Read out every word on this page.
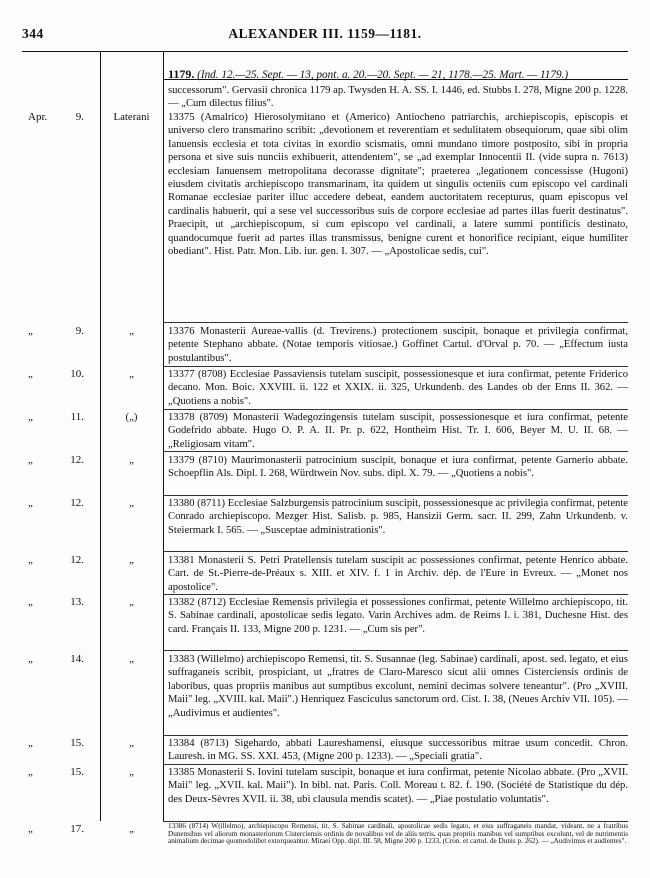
344	ALEXANDER III. 1159—1181.
1179. (Ind. 12.—25. Sept. — 13, pont. a. 20.—20. Sept. — 21, 1178.—25. Mart. — 1179.)
successorum". Gervasii chronica 1179 ap. Twysden H. A. SS. I. 1446, ed. Stubbs I. 278, Migne 200 p. 1228. — „Cum dilectus filius".
Apr.	9.	Laterani	13375 (Amalrico) Hierosolymitano et (Americo) Antiocheno patriarchis, archiepiscopis, episcopis et universo clero transmarino scribit: „devotionem et reverentiam et sedulitatem obsequiorum, quae sibi olim Ianuensis ecclesia et tota civitas in exordio scismatis, omni mundano timore postposito, sibi in propria persona et sive suis nunciis exhibuerit, attendentem", se „ad exemplar Innocentii II. (vide supra n. 7613) ecclesiam Ianuensem metropolitana decorasse dignitate"; praeterea „legationem concessisse (Hugoni) eiusdem civitatis archiepiscopo transmarinam, ita quidem ut singulis octeniis cum episcopo vel cardinali Romanae ecclesiae pariter illuc accedere debeat, eandem auctoritatem recepturus, quam episcopus vel cardinalis habuerit, qui a sese vel successoribus suis de corpore ecclesiae ad partes illas fuerit destinatus". Praecipit, ut „archiepiscopum, si cum episcopo vel cardinali, a latere summi pontificis destinato, quandocumque fuerit ad partes illas transmissus, benigne curent et honorifice recipiant, eique humiliter obediant". Hist. Patr. Mon. Lib. iur. gen. I. 307. — „Apostolicae sedis, cui".
„	9.	„	13376 Monasterii Aureae-vallis (d. Trevirens.) protectionem suscipit, bonaque et privilegia confirmat, petente Stephano abbate. (Notae temporis vitiosae.) Goffinet Cartul. d'Orval p. 70. — „Effectum iusta postulantibus".
„	10.	„	13377 (8708) Ecclesiae Passaviensis tutelam suscipit, possessionesque et iura confirmat, petente Friderico decano. Mon. Boic. XXVIII. ii. 122 et XXIX. ii. 325, Urkundenb. des Landes ob der Enns II. 362. — „Quotiens a nobis".
„	11.	(„)	13378 (8709) Monasterii Wadegozingensis tutelam suscipit, possessionesque et iura confirmat, petente Godefrido abbate. Hugo O. P. A. II. Pr. p. 622, Hontheim Hist. Tr. I. 606, Beyer M. U. II. 68. — „Religiosam vitam".
„	12.	„	13379 (8710) Maurimonasterii patrocinium suscipit, bonaque et iura confirmat, petente Garnerio abbate. Schoepflin Als. Dipl. I. 268, Würdtwein Nov. subs. dipl. X. 79. — „Quotiens a nobis".
„	12.	„	13380 (8711) Ecclesiae Salzburgensis patrocinium suscipit, possessionesque ac privilegia confirmat, petente Conrado archiepiscopo. Mezger Hist. Salisb. p. 985, Hansizii Germ. sacr. II. 299, Zahn Urkundenb. v. Steiermark I. 565. — „Susceptae administrationis".
„	12.	„	13381 Monasterii S. Petri Pratellensis tutelam suscipit ac possessiones confirmat, petente Henrico abbate. Cart. de St.-Pierre-de-Préaux s. XIII. et XIV. f. 1 in Archiv. dép. de l'Eure in Evreux. — „Monet nos apostolice".
„	13.	„	13382 (8712) Ecclesiae Remensis privilegia et possessiones confirmat, petente Willelmo archiepiscopo, tit. S. Sabinae cardinali, apostolicae sedis legato. Varin Archives adm. de Reims I. i. 381, Duchesne Hist. des card. Français II. 133, Migne 200 p. 1231. — „Cum sis per".
„	14.	„	13383 (Willelmo) archiepiscopo Remensi, tit. S. Susannae (leg. Sabinae) cardinali, apost. sed. legato, et eius suffraganeis scribit, prospiciant, ut „fratres de Claro-Maresco sicut alii omnes Cisterciensis ordinis de laboribus, quas propriis manibus aut sumptibus excolunt, nemini decimas solvere teneantur". (Pro „XVIII. Maii" leg. „XVIII. kal. Maii".) Henriquez Fasciculus sanctorum ord. Cist. I. 38, (Neues Archiv VII. 105). — „Audivimus et audientes".
„	15.	„	13384 (8713) Sigehardo, abbati Laureshamensi, eiusque successoribus mitrae usum concedit. Chron. Lauresh. in MG. SS. XXI. 453, (Migne 200 p. 1233). — „Speciali gratia".
„	15.	„	13385 Monasterii S. Iovini tutelam suscipit, bonaque et iura confirmat, petente Nicolao abbate. (Pro „XVII. Maii" leg. „XVII. kal. Maii"). In bibl. nat. Paris. Coll. Moreau t. 82. f. 190. (Société de Statistique du dép. des Deux-Sèvres XVII. ii. 38, ubi clausula mendis scatet). — „Piae postulatio voluntatis".
„	17.	„	13386 (8714) W(illelmo), archiepiscopo Remensi, tit. S. Sabinae cardinali, apostolicae sedis legato, et eius suffraganeis mandat, videant, ne a fratribus Dunensibus vel aliorum monasteriorum Cisterciensis ordinis de novalibus vel de aliis terris, quas propriis manibus vel sumptibus excolunt, vel de nutrimentis animalium decimae quomodolibet extorqueantur. Miraei Opp. dipl. III. 58, Migne 200 p. 1233, (Cron. et cartul. de Dunis p. 262). — „Audivimus et audientes".
